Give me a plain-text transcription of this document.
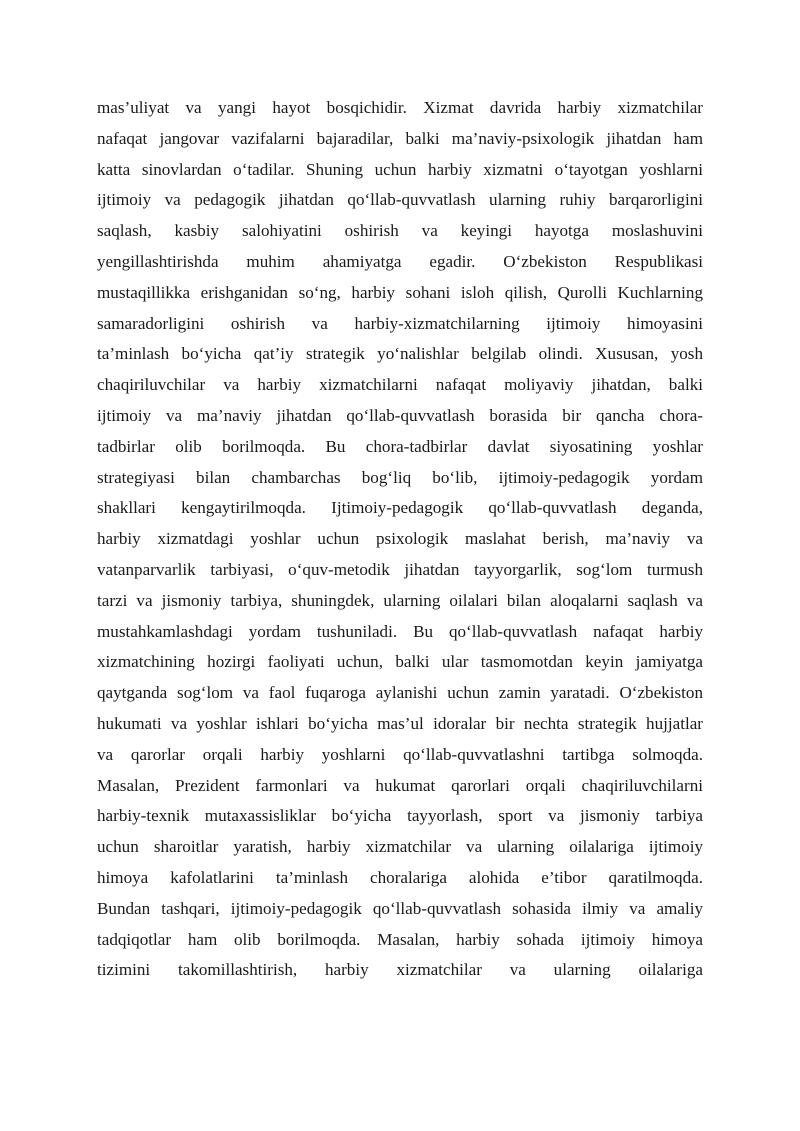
mas’uliyat va yangi hayot bosqichidir. Xizmat davrida harbiy xizmatchilar
nafaqat jangovar vazifalarni bajaradilar, balki ma’naviy-psixologik jihatdan ham
katta sinovlardan o‘tadilar. Shuning uchun harbiy xizmatni o‘tayotgan yoshlarni
ijtimoiy va pedagogik jihatdan qo‘llab-quvvatlash ularning ruhiy barqarorligini
saqlash, kasbiy salohiyatini oshirish va keyingi hayotga moslashuvini
yengillashtirishda muhim ahamiyatga egadir. O‘zbekiston Respublikasi
mustaqillikka erishganidan so‘ng, harbiy sohani isloh qilish, Qurolli Kuchlarning
samaradorligini oshirish va harbiy-xizmatchilarning ijtimoiy himoyasini
ta’minlash bo‘yicha qat’iy strategik yo‘nalishlar belgilab olindi. Xususan, yosh
chaqiriluvchilar va harbiy xizmatchilarni nafaqat moliyaviy jihatdan, balki
ijtimoiy va ma’naviy jihatdan qo‘llab-quvvatlash borasida bir qancha chora-
tadbirlar olib borilmoqda. Bu chora-tadbirlar davlat siyosatining yoshlar
strategiyasi bilan chambarchas bog‘liq bo‘lib, ijtimoiy-pedagogik yordam
shakllari kengaytirilmoqda. Ijtimoiy-pedagogik qo‘llab-quvvatlash deganda,
harbiy xizmatdagi yoshlar uchun psixologik maslahat berish, ma’naviy va
vatanparvarlik tarbiyasi, o‘quv-metodik jihatdan tayyorgarlik, sog‘lom turmush
tarzi va jismoniy tarbiya, shuningdek, ularning oilalari bilan aloqalarni saqlash va
mustahkamlashdagi yordam tushuniladi. Bu qo‘llab-quvvatlash nafaqat harbiy
xizmatchining hozirgi faoliyati uchun, balki ular tasmomotdan keyin jamiyatga
qaytganda sog‘lom va faol fuqaroga aylanishi uchun zamin yaratadi. O‘zbekiston
hukumati va yoshlar ishlari bo‘yicha mas’ul idoralar bir nechta strategik hujjatlar
va qarorlar orqali harbiy yoshlarni qo‘llab-quvvatlashni tartibga solmoqda.
Masalan, Prezident farmonlari va hukumat qarorlari orqali chaqiriluvchilarni
harbiy-texnik mutaxassisliklar bo‘yicha tayyorlash, sport va jismoniy tarbiya
uchun sharoitlar yaratish, harbiy xizmatchilar va ularning oilalariga ijtimoiy
himoya kafolatlarini ta’minlash choralariga alohida e’tibor qaratilmoqda.
Bundan tashqari, ijtimoiy-pedagogik qo‘llab-quvvatlash sohasida ilmiy va amaliy
tadqiqotlar ham olib borilmoqda. Masalan, harbiy sohada ijtimoiy himoya
tizimini takomillashtirish, harbiy xizmatchilar va ularning oilalariga
